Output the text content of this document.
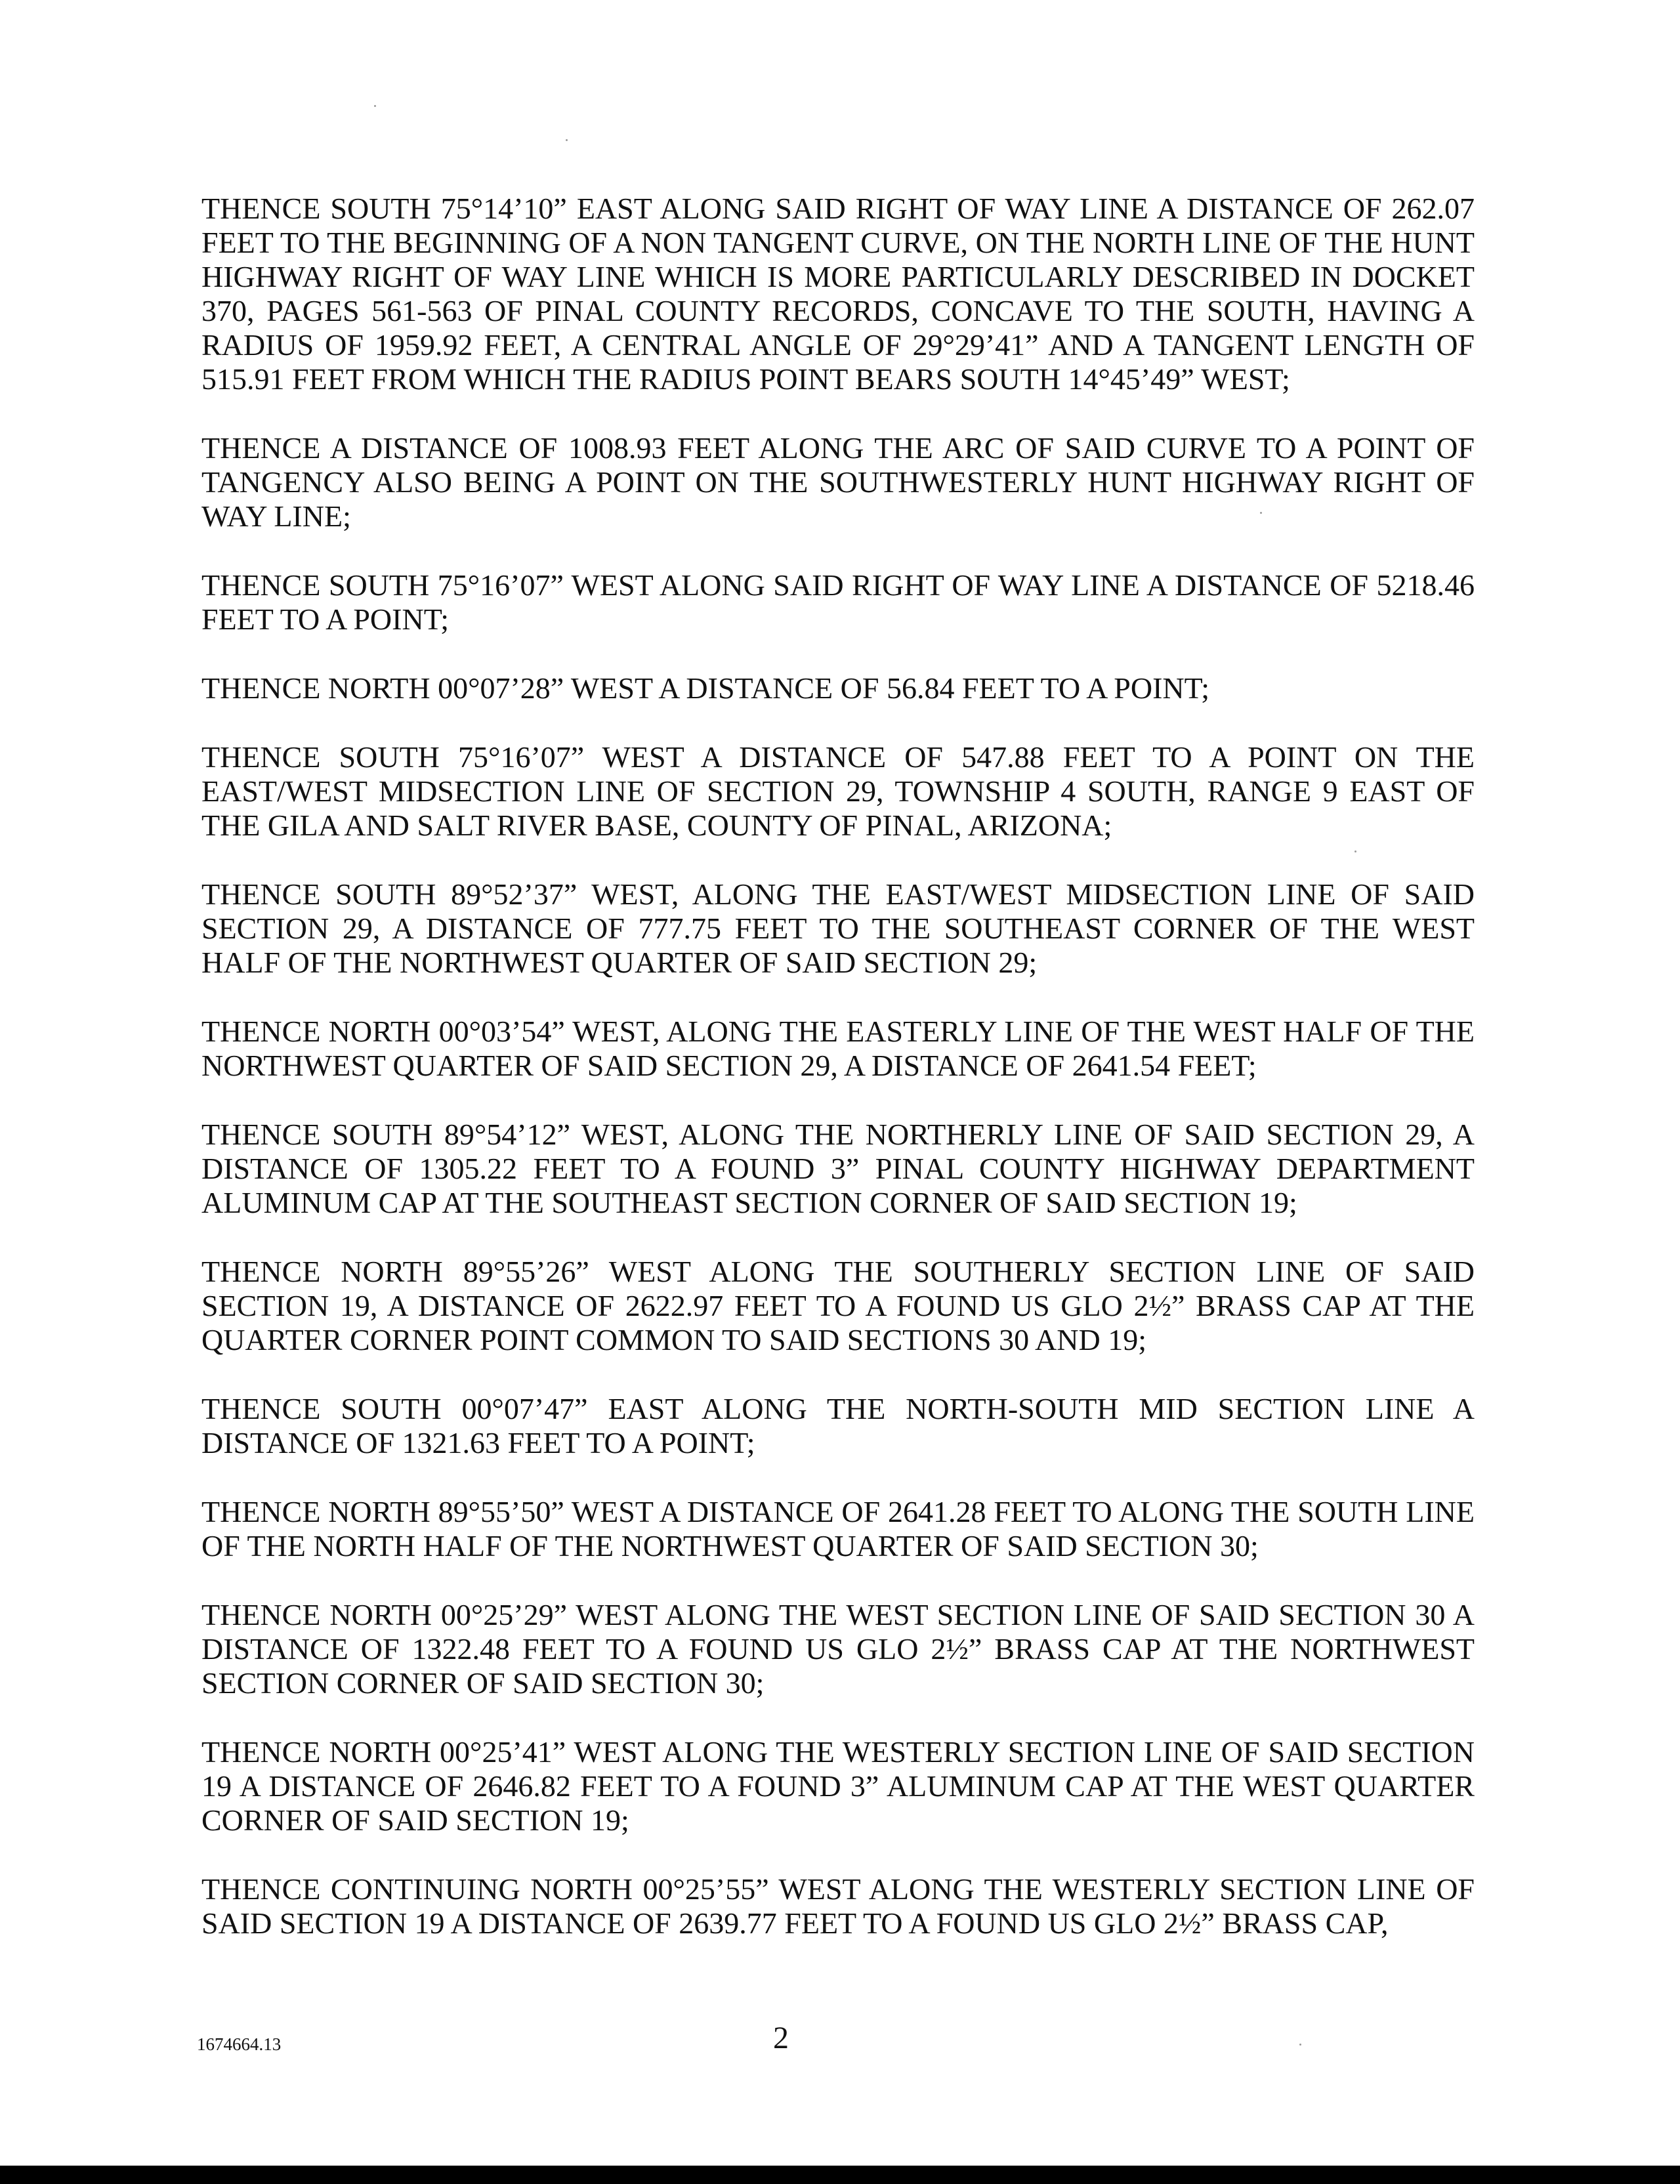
THENCE SOUTH 75°14’10” EAST ALONG SAID RIGHT OF WAY LINE A DISTANCE OF 262.07 FEET TO THE BEGINNING OF A NON TANGENT CURVE, ON THE NORTH LINE OF THE HUNT HIGHWAY RIGHT OF WAY LINE WHICH IS MORE PARTICULARLY DESCRIBED IN DOCKET 370, PAGES 561-563 OF PINAL COUNTY RECORDS, CONCAVE TO THE SOUTH, HAVING A RADIUS OF 1959.92 FEET, A CENTRAL ANGLE OF 29°29’41” AND A TANGENT LENGTH OF 515.91 FEET FROM WHICH THE RADIUS POINT BEARS SOUTH 14°45’49” WEST;

THENCE A DISTANCE OF 1008.93 FEET ALONG THE ARC OF SAID CURVE TO A POINT OF TANGENCY ALSO BEING A POINT ON THE SOUTHWESTERLY HUNT HIGHWAY RIGHT OF WAY LINE;

THENCE SOUTH 75°16’07” WEST ALONG SAID RIGHT OF WAY LINE A DISTANCE OF 5218.46 FEET TO A POINT;

THENCE NORTH 00°07’28” WEST A DISTANCE OF 56.84 FEET TO A POINT;

THENCE SOUTH 75°16’07” WEST A DISTANCE OF 547.88 FEET TO A POINT ON THE EAST/WEST MIDSECTION LINE OF SECTION 29, TOWNSHIP 4 SOUTH, RANGE 9 EAST OF THE GILA AND SALT RIVER BASE, COUNTY OF PINAL, ARIZONA;

THENCE SOUTH 89°52’37” WEST, ALONG THE EAST/WEST MIDSECTION LINE OF SAID SECTION 29, A DISTANCE OF 777.75 FEET TO THE SOUTHEAST CORNER OF THE WEST HALF OF THE NORTHWEST QUARTER OF SAID SECTION 29;

THENCE NORTH 00°03’54” WEST, ALONG THE EASTERLY LINE OF THE WEST HALF OF THE NORTHWEST QUARTER OF SAID SECTION 29, A DISTANCE OF 2641.54 FEET;

THENCE SOUTH 89°54’12” WEST, ALONG THE NORTHERLY LINE OF SAID SECTION 29, A DISTANCE OF 1305.22 FEET TO A FOUND 3” PINAL COUNTY HIGHWAY DEPARTMENT ALUMINUM CAP AT THE SOUTHEAST SECTION CORNER OF SAID SECTION 19;

THENCE NORTH 89°55’26” WEST ALONG THE SOUTHERLY SECTION LINE OF SAID SECTION 19, A DISTANCE OF 2622.97 FEET TO A FOUND US GLO 2½” BRASS CAP AT THE QUARTER CORNER POINT COMMON TO SAID SECTIONS 30 AND 19;

THENCE SOUTH 00°07’47” EAST ALONG THE NORTH-SOUTH MID SECTION LINE A DISTANCE OF 1321.63 FEET TO A POINT;

THENCE NORTH 89°55’50” WEST A DISTANCE OF 2641.28 FEET TO ALONG THE SOUTH LINE OF THE NORTH HALF OF THE NORTHWEST QUARTER OF SAID SECTION 30;

THENCE NORTH 00°25’29” WEST ALONG THE WEST SECTION LINE OF SAID SECTION 30 A DISTANCE OF 1322.48 FEET TO A FOUND US GLO 2½” BRASS CAP AT THE NORTHWEST SECTION CORNER OF SAID SECTION 30;

THENCE NORTH 00°25’41” WEST ALONG THE WESTERLY SECTION LINE OF SAID SECTION 19 A DISTANCE OF 2646.82 FEET TO A FOUND 3” ALUMINUM CAP AT THE WEST QUARTER CORNER OF SAID SECTION 19;

THENCE CONTINUING NORTH 00°25’55” WEST ALONG THE WESTERLY SECTION LINE OF SAID SECTION 19 A DISTANCE OF 2639.77 FEET TO A FOUND US GLO 2½” BRASS CAP,

1674664.13	2
